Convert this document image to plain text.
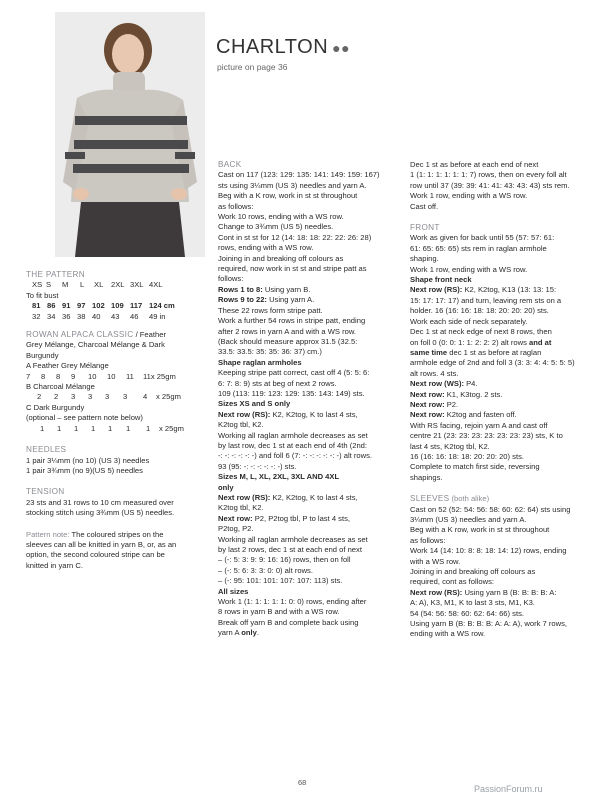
CHARLTON ●●
picture on page 36

THE PATTERN

XS S M L XL 2XL 3XL 4XL

To fit bust

81 86 91 97 102 109 117 124 cm
32 34 36 38 40 43 46 49 in

ROWAN ALPACA CLASSIC / Feather

Grey Mélange, Charcoal Mélange & Dark

Burgundy

A Feather Grey Mélange

7 8 8 9 10 10 11 11x 25gm

B Charcoal Mélange

2 2 3 3 3 3 4 x 25gm

C Dark Burgundy

(optional – see pattern note below)

1 1 1 1 1 1 1 x 25gm

NEEDLES

1 pair 3¼mm (no 10) (US 3) needles

1 pair 3¾mm (no 9)(US 5) needles

TENSION

23 sts and 31 rows to 10 cm measured over

stocking stitch using 3¾mm (US 5) needles.

Pattern note: The coloured stripes on the

sleeves can all be knitted in yarn B, or, as an

option, the second coloured stripe can be

knitted in yarn C.

BACK

Cast on 117 (123: 129: 135: 141: 149: 159: 167)

sts using 3¼mm (US 3) needles and yarn A.

Beg with a K row, work in st st throughout

as follows:

Work 10 rows, ending with a WS row.

Change to 3¾mm (US 5) needles.

Cont in st st for 12 (14: 18: 18: 22: 22: 26: 28)

rows, ending with a WS row.

Joining in and breaking off colours as

required, now work in st st and stripe patt as

follows:

Rows 1 to 8: Using yarn B.

Rows 9 to 22: Using yarn A.

These 22 rows form stripe patt.

Work a further 54 rows in stripe patt, ending

after 2 rows in yarn A and with a WS row.

(Back should measure approx 31.5 (32.5:

33.5: 33.5: 35: 35: 36: 37) cm.)

Shape raglan armholes

Keeping stripe patt correct, cast off 4 (5: 5: 6:

6: 7: 8: 9) sts at beg of next 2 rows.

109 (113: 119: 123: 129: 135: 143: 149) sts.

Sizes XS and S only

Next row (RS): K2, K2tog, K to last 4 sts,

K2tog tbl, K2.

Working all raglan armhole decreases as set

by last row, dec 1 st at each end of 4th (2nd:

-: -: -: -: -: -) and foll 6 (7: -: -: -: -: -: -) alt rows.

93 (95: -: -: -: -: -: -) sts.

Sizes M, L, XL, 2XL, 3XL AND 4XL

only

Next row (RS): K2, K2tog, K to last 4 sts,

K2tog tbl, K2.

Next row: P2, P2tog tbl, P to last 4 sts,

P2tog, P2.

Working all raglan armhole decreases as set

by last 2 rows, dec 1 st at each end of next

– (-: 5: 3: 9: 9: 16: 16) rows, then on foll

– (-: 5: 6: 3: 3: 0: 0) alt rows.

– (-: 95: 101: 101: 107: 107: 113) sts.

All sizes

Work 1 (1: 1: 1: 1: 1: 0: 0) rows, ending after

8 rows in yarn B and with a WS row.

Break off yarn B and complete back using

yarn A only.

Dec 1 st as before at each end of next

1 (1: 1: 1: 1: 1: 1: 7) rows, then on every foll alt

row until 37 (39: 39: 41: 41: 43: 43: 43) sts rem.

Work 1 row, ending with a WS row.

Cast off.

FRONT

Work as given for back until 55 (57: 57: 61:

61: 65: 65: 65) sts rem in raglan armhole

shaping.

Work 1 row, ending with a WS row.

Shape front neck

Next row (RS): K2, K2tog, K13 (13: 13: 15:

15: 17: 17: 17) and turn, leaving rem sts on a

holder. 16 (16: 16: 18: 18: 20: 20: 20) sts.

Work each side of neck separately.

Dec 1 st at neck edge of next 8 rows, then

on foll 0 (0: 0: 1: 1: 2: 2: 2) alt rows and at

same time dec 1 st as before at raglan

armhole edge of 2nd and foll 3 (3: 3: 4: 4: 5: 5: 5)

alt rows. 4 sts.

Next row (WS): P4.

Next row: K1, K3tog. 2 sts.

Next row: P2.

Next row: K2tog and fasten off.

With RS facing, rejoin yarn A and cast off

centre 21 (23: 23: 23: 23: 23: 23: 23) sts, K to

last 4 sts, K2tog tbl, K2.

16 (16: 16: 18: 18: 20: 20: 20) sts.

Complete to match first side, reversing

shapings.

SLEEVES (both alike)

Cast on 52 (52: 54: 56: 58: 60: 62: 64) sts using

3¼mm (US 3) needles and yarn A.

Beg with a K row, work in st st throughout

as follows:

Work 14 (14: 10: 8: 8: 18: 14: 12) rows, ending

with a WS row.

Joining in and breaking off colours as

required, cont as follows:

Next row (RS): Using yarn B (B: B: B: B: A:

A: A), K3, M1, K to last 3 sts, M1, K3.

54 (54: 56: 58: 60: 62: 64: 66) sts.

Using yarn B (B: B: B: B: A: A: A), work 7 rows,

ending with a WS row.

68
PassionForum.ru
